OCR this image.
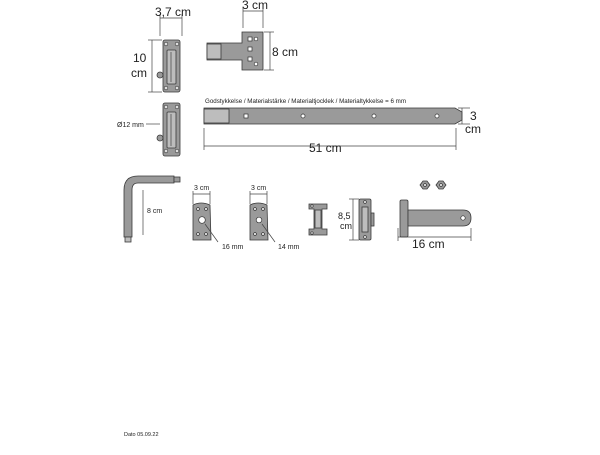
3,7 cm
10
cm
3 cm
8 cm
Ø12 mm
Godstykkelse / Materialstärke / Materialtjocklek / Materialtykkelse = 6 mm
3
cm
51 cm
8 cm
3 cm
16 mm
3 cm
14 mm
8,5
cm
16 cm
Dato 05.09.22
